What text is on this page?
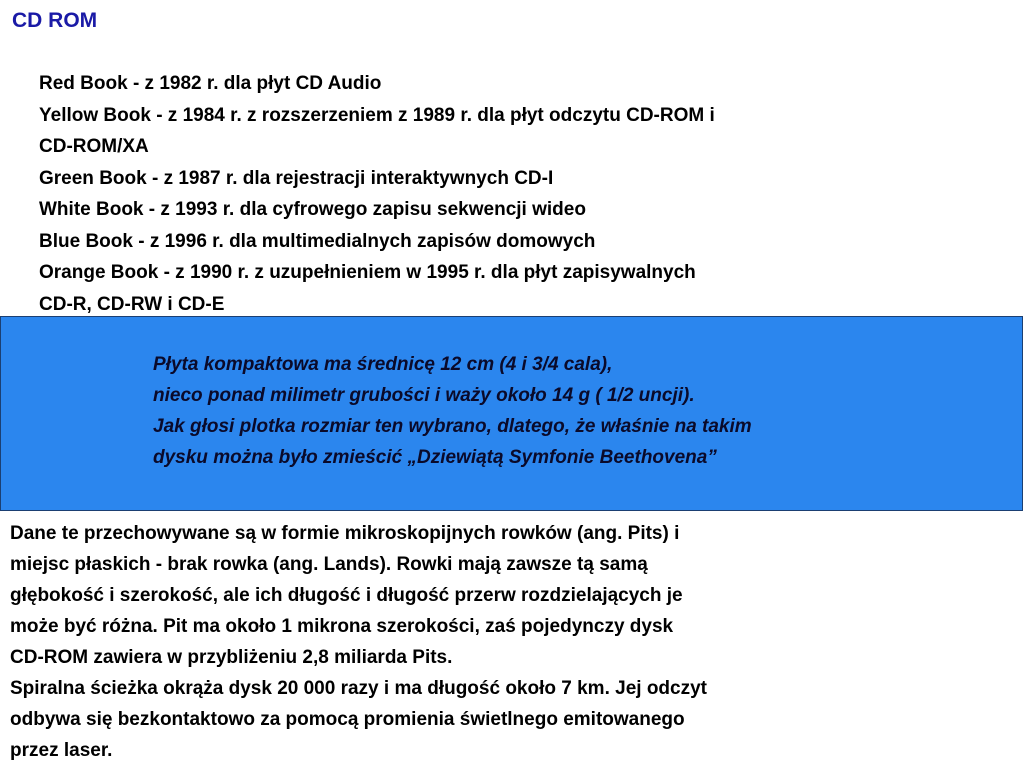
CD ROM
Red Book - z 1982 r. dla płyt CD Audio
Yellow Book - z 1984 r. z rozszerzeniem z 1989 r. dla płyt odczytu CD-ROM i
CD-ROM/XA
Green Book - z 1987 r. dla rejestracji interaktywnych CD-I
White Book - z 1993 r. dla cyfrowego zapisu sekwencji wideo
Blue Book - z 1996 r. dla multimedialnych zapisów domowych
Orange Book - z 1990 r. z uzupełnieniem w 1995 r. dla płyt zapisywalnych
CD-R, CD-RW i CD-E

Płyta kompaktowa ma średnicę 12 cm (4 i 3/4 cala),
nieco ponad milimetr grubości i waży około 14 g ( 1/2 uncji).
Jak głosi plotka rozmiar ten wybrano, dlatego, że właśnie na takim
dysku można było zmieścić „Dziewiątą Symfonie Beethovena”

Dane te przechowywane są w formie mikroskopijnych rowków (ang. Pits) i
miejsc płaskich - brak rowka (ang. Lands). Rowki mają zawsze tą samą
głębokość i szerokość, ale ich długość i długość przerw rozdzielających je
może być różna. Pit ma około 1 mikrona szerokości, zaś pojedynczy dysk
CD-ROM zawiera w przybliżeniu 2,8 miliarda Pits.
Spiralna ścieżka okrąża dysk 20 000 razy i ma długość około 7 km. Jej odczyt
odbywa się bezkontaktowo za pomocą promienia świetlnego emitowanego
przez laser.
